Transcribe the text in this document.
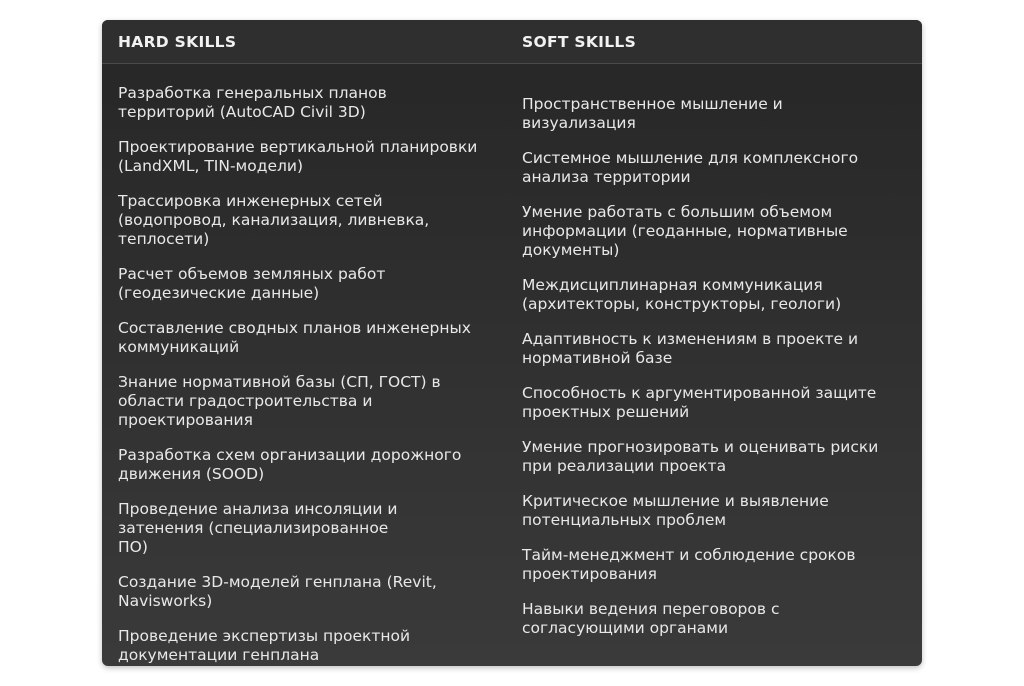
HARD SKILLS	SOFT SKILLS
Разработка генеральных планов территорий (AutoCAD Civil 3D)
Проектирование вертикальной планировки (LandXML, TIN-модели)
Трассировка инженерных сетей (водопровод, канализация, ливневка, теплосети)
Расчет объемов земляных работ (геодезические данные)
Составление сводных планов инженерных коммуникаций
Знание нормативной базы (СП, ГОСТ) в области градостроительства и проектирования
Разработка схем организации дорожного движения (SOOD)
Проведение анализа инсоляции и затенения (специализированное ПО)
Создание 3D-моделей генплана (Revit, Navisworks)
Проведение экспертизы проектной документации генплана
Пространственное мышление и визуализация
Системное мышление для комплексного анализа территории
Умение работать с большим объемом информации (геоданные, нормативные документы)
Междисциплинарная коммуникация (архитекторы, конструкторы, геологи)
Адаптивность к изменениям в проекте и нормативной базе
Способность к аргументированной защите проектных решений
Умение прогнозировать и оценивать риски при реализации проекта
Критическое мышление и выявление потенциальных проблем
Тайм-менеджмент и соблюдение сроков проектирования
Навыки ведения переговоров с согласующими органами
